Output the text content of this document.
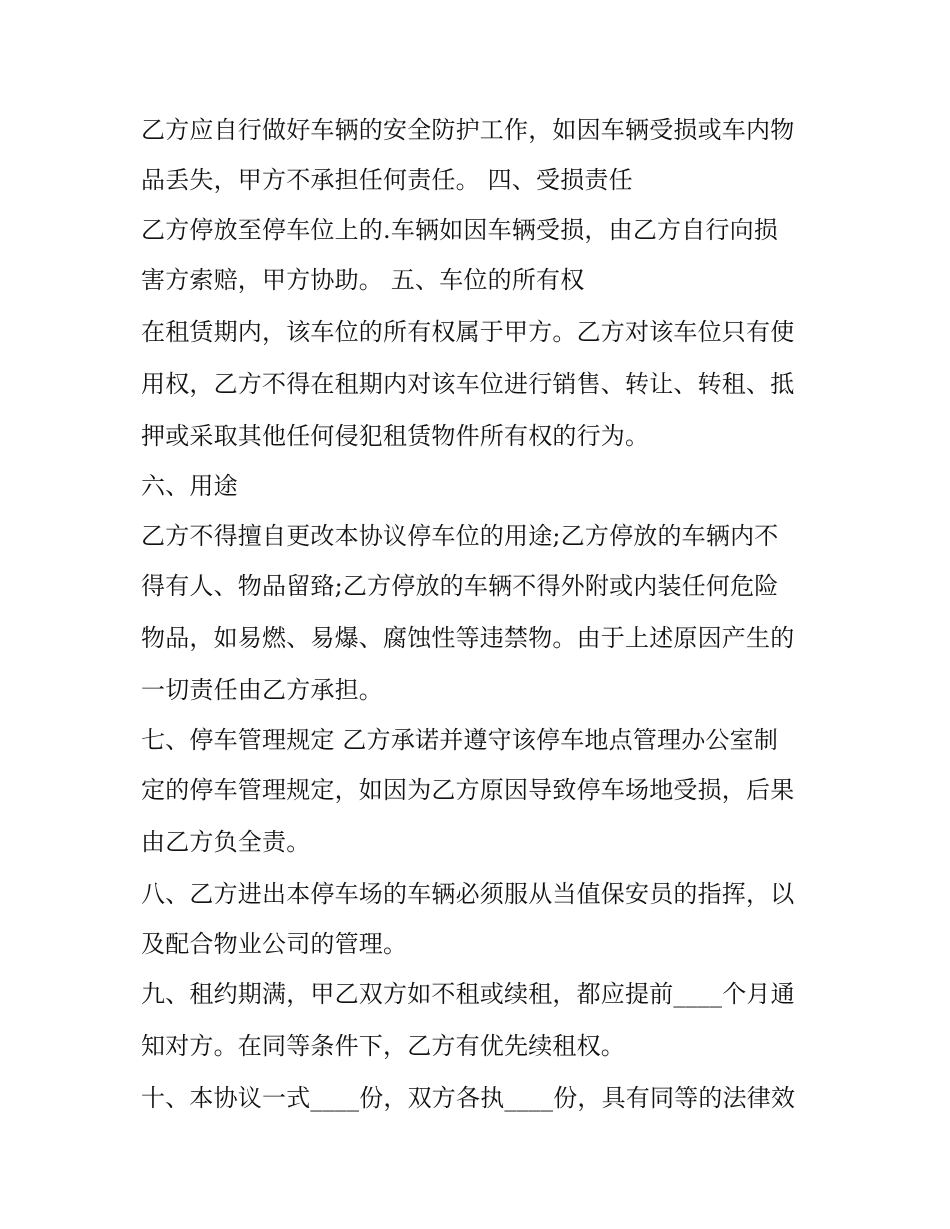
乙方应自行做好车辆的安全防护工作，如因车辆受损或车内物
品丢失，甲方不承担任何责任。 四、受损责任
乙方停放至停车位上的.车辆如因车辆受损，由乙方自行向损
害方索赔，甲方协助。 五、车位的所有权
在租赁期内，该车位的所有权属于甲方。乙方对该车位只有使
用权，乙方不得在租期内对该车位进行销售、转让、转租、抵
押或采取其他任何侵犯租赁物件所有权的行为。
六、用途
乙方不得擅自更改本协议停车位的用途;乙方停放的车辆内不
得有人、物品留臵;乙方停放的车辆不得外附或内装任何危险
物品，如易燃、易爆、腐蚀性等违禁物。由于上述原因产生的
一切责任由乙方承担。
七、停车管理规定 乙方承诺并遵守该停车地点管理办公室制
定的停车管理规定，如因为乙方原因导致停车场地受损，后果
由乙方负全责。
八、乙方进出本停车场的车辆必须服从当值保安员的指挥，以
及配合物业公司的管理。
九、租约期满，甲乙双方如不租或续租，都应提前____个月通
知对方。在同等条件下，乙方有优先续租权。
十、本协议一式____份，双方各执____份，具有同等的法律效
